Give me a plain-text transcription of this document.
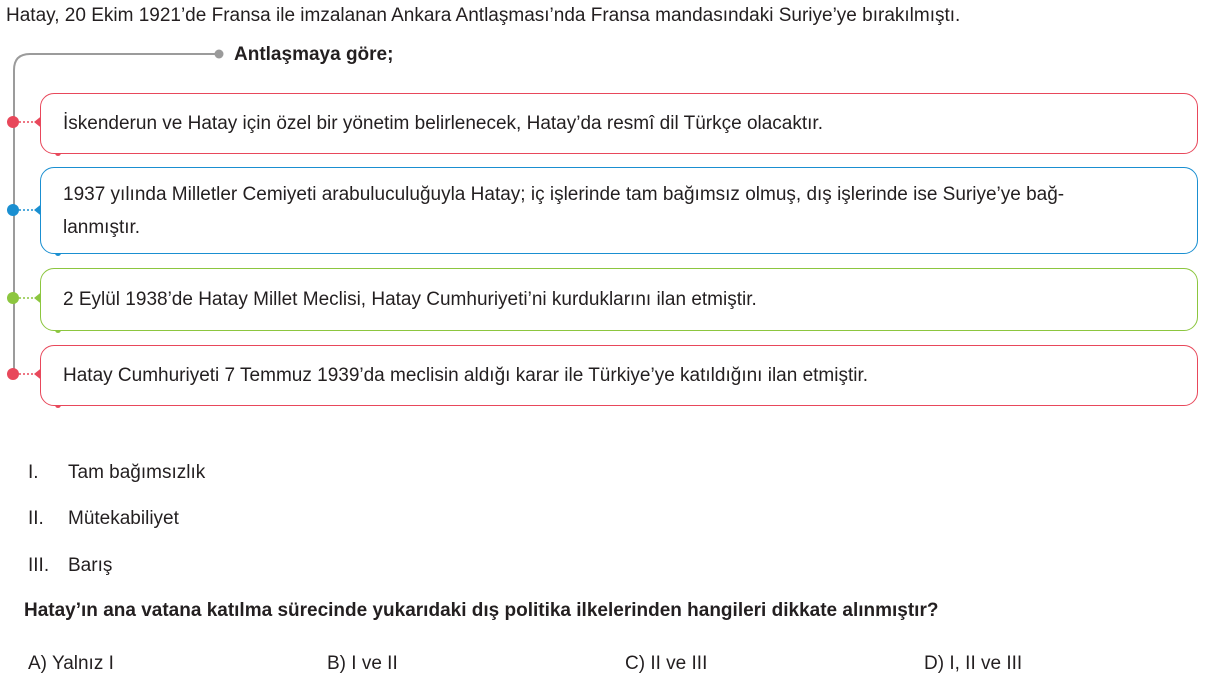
Hatay, 20 Ekim 1921’de Fransa ile imzalanan Ankara Antlaşması’nda Fransa mandasındaki Suriye’ye bırakılmıştı.
Antlaşmaya göre;
İskenderun ve Hatay için özel bir yönetim belirlenecek, Hatay’da resmî dil Türkçe olacaktır.
1937 yılında Milletler Cemiyeti arabuluculuğuyla Hatay; iç işlerinde tam bağımsız olmuş, dış işlerinde ise Suriye’ye bağ-
lanmıştır.
2 Eylül 1938’de Hatay Millet Meclisi, Hatay Cumhuriyeti’ni kurduklarını ilan etmiştir.
Hatay Cumhuriyeti 7 Temmuz 1939’da meclisin aldığı karar ile Türkiye’ye katıldığını ilan etmiştir.
I. Tam bağımsızlık
II. Mütekabiliyet
III. Barış
Hatay’ın ana vatana katılma sürecinde yukarıdaki dış politika ilkelerinden hangileri dikkate alınmıştır?
A) Yalnız I	B) I ve II	C) II ve III	D) I, II ve III
